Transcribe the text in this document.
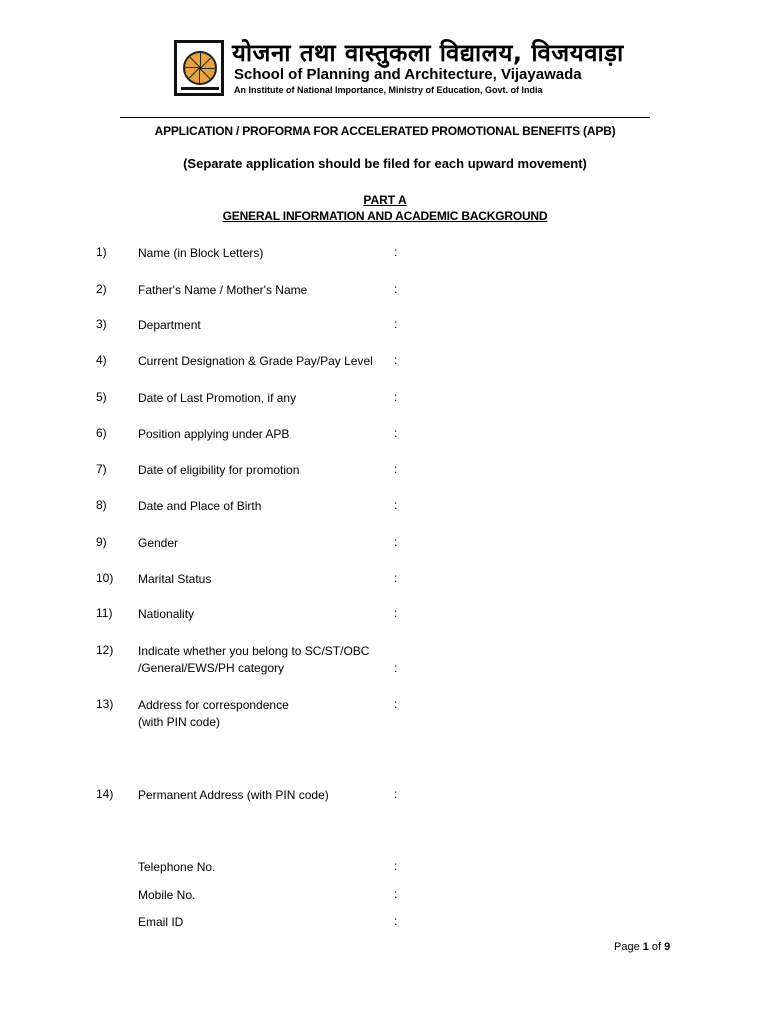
योजना तथा वास्तुकला विद्यालय, विजयवाड़ा
School of Planning and Architecture, Vijayawada
An Institute of National Importance, Ministry of Education, Govt. of India
APPLICATION / PROFORMA FOR ACCELERATED PROMOTIONAL BENEFITS (APB)
(Separate application should be filed for each upward movement)
PART A
GENERAL INFORMATION AND ACADEMIC BACKGROUND
1)	Name (in Block Letters)	:
2)	Father's Name / Mother's Name	:
3)	Department	:
4)	Current Designation & Grade Pay/Pay Level :
5)	Date of Last Promotion, if any	:
6)	Position applying under APB	:
7)	Date of eligibility for promotion	:
8)	Date and Place of Birth	:
9)	Gender	:
10) Marital Status	:
11) Nationality	:
12) Indicate whether you belong to SC/ST/OBC
/General/EWS/PH category	:
13) Address for correspondence
(with PIN code)
:
14) Permanent Address (with PIN code)	:
Telephone No.	:
Mobile No.	:
Email ID	:
Page 1 of 9
